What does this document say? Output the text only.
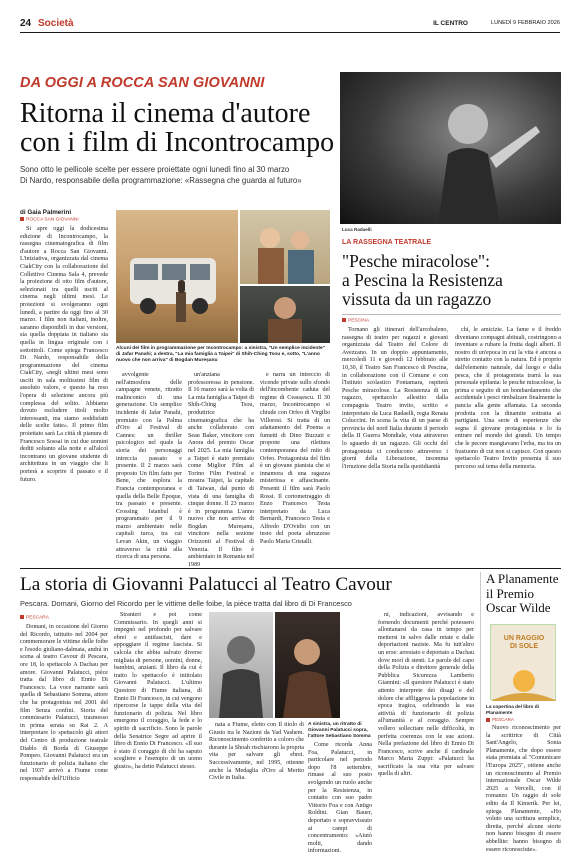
24 Società	IL CENTRO	LUNEDÌ 9 FEBBRAIO 2026
DA OGGI A ROCCA SAN GIOVANNI
Ritorna il cinema d'autore
con i film di Incontrocampo
Sono otto le pellicole scelte per essere proiettate ogni lunedì fino al 30 marzo
Di Nardo, responsabile della programmazione: «Rassegna che guarda al futuro»
di Gaia Palmerini
ROCCA SAN GIOVANNI

Si apre oggi la dodicesima edizione di Incontrocampo, la rassegna cinematografica di film d'autore a Rocca San Giovanni. L'iniziativa, organizzata dal cinema CiakCity con la collaborazione del Collettivo Cinema Sala 4, prevede la proiezione di otto film d'autore, selezionati tra quelli usciti al cinema negli ultimi mesi. Le proiezioni si svolgeranno ogni lunedì, a partire da oggi fino al 30 marzo. I film non italiani, inoltre, saranno disponibili in due versioni, sia quella doppiata in italiano sia quella in lingua originale con i sottotitoli. Come spiega Francesco Di Nardo, responsabile della programmazione del cinema CiakCity, «negli ultimi mesi sono usciti in sala moltissimi film di assoluto valore, e questo ha reso l'opera di selezione ancora più complessa del solito. Abbiamo dovuto escludere titoli molto interessanti, ma siamo soddisfatti delle scelte fatte». Il primo film proiettato sarà La città di pianura di Francesco Sossai in cui due uomini dediti soltanto alla notte e all'alcol incontrano un giovane studente di architettura in un viaggio che li porterà a scoprire il passato e il futuro.

Alcuni dei film in programmazione per Incontrocampo: a sinistra, "Un semplice incidente" di Jafar Panahi; a destra, "La mia famiglia a Taipei" di Shih-Ching Tsou e, sotto, "L'anno nuovo che non arriva" di Bogdan Mureșanu

avvolgente nell'atmosfera delle campagne venete, ritratto malinconico di una generazione. Un semplice incidente di Jafar Panahi, premiato con la Palma d'Oro al Festival di Cannes: un thriller psicologico nel quale la storia dei personaggi intreccia passato e presente. Il 2 marzo sarà proposto Un film fatto per Bene, che esplora la Francia contemporanea e quella della Belle Époque, tra passato e presente. Crossing Istanbul è programmato per il 9 marzo ambientato nelle capitali turca, tra cui Levan Akin, un viaggio attraverso la città alla ricerca di una persona.

un'anziana professoressa in pensione. Il 16 marzo sarà la volta di La mia famiglia a Taipei di Shih-Ching Tsou, produttrice cinematografica che ha anche collaborato con Sean Baker, vincitore con Anora del premio Oscar nel 2025. La mia famiglia a Taipei è stato premiato come Miglior Film al Torino Film Festival e mostra Taipei, la capitale di Taiwan, dal punto di vista di una famiglia di cinque donne. Il 23 marzo è in programma L'anno nuovo che non arriva di Bogdan Mureșanu, vincitore nella sezione Orizzonti al Festival di Venezia. Il film è ambientato in Romania nel 1989

e narra un intreccio di vicende private sullo sfondo dell'incombente caduta del regime di Ceaușescu. Il 30 marzo, Incontrocampo si chiude con Orfeo di Virgilio Villoresi. Si tratta di un adattamento del Poema a fumetti di Dino Buzzati e propone una rilettura contemporanea del mito di Orfeo. Protagonista del film è un giovane pianista che si innamora di una ragazza misteriosa e affascinante. Presenti il film sarà Paolo Rossi. Il cortometraggio di Enzo Francesco Testa interpretato da Luca Bernardi, Francesco Testa e Alfredo D'Ovidio con un testo del poeta abruzzese Paolo Maria Cristalli.

Luca Radaelli
LA RASSEGNA TEATRALE
"Pesche miracolose":
a Pescina la Resistenza
vissuta da un ragazzo
PESCINA

Tornano gli itinerari dell'arcobaleno, rassegna di teatro per ragazzi e giovani organizzata dal Teatro del Colore di Avezzano. In un doppio appuntamento, mercoledì 11 e giovedì 12 febbraio alle 10,30, il Teatro San Francesco di Pescina, in collaborazione con il Comune e con l'Istituto scolastico Fontamara, ospiterà Pesche miracolose. La Resistenza di un ragazzo, spettacolo allestito dalla compagnia Teatro invito, scritto e interpretato da Luca Radaelli, regia Renata Coluccini. In scena la vita di un paese di provincia del nord Italia durante il periodo della II Guerra Mondiale, vista attraverso lo sguardo di un ragazzo. Gli occhi del protagonista ci conducono attraverso i giorni della Liberazione, insomma l'irruzione della Storia nella quotidianità

chi, le amicizie. La fame e il freddo diventano compagni abituali, costringono a inventare a rubare la frutta dagli alberi. Il nostro di un'epoca in cui la vita è ancora a stretto contatto con la natura. Ed è proprio dall'elemento naturale, dal luogo e dalla pesca, che il protagonista trarrà la sua personale epifania: le pesche miracolose, la prima e seguito di un bombardamento che accidentale i pesci rimbalzare finalmente la pancia alla gente affamata. La seconda prodotta con la dinamite sottratta ai partigiani. Una serie di esperienze che segna il giovane protagonista e lo fa entrare nel mondo dei grandi. Un tempo che le pecore mangiavano l'erba, ma tra un frastuono di cui non si capisce. Con questo spettacolo Teatro Invito presenta il suo percorso sul tema della memoria.

La storia di Giovanni Palatucci al Teatro Cavour
Pescara. Domani, Giorno del Ricordo per le vittime delle foibe, la pièce tratta dal libro di Di Francesco
PESCARA

Domani, in occasione del Giorno del Ricordo, istituito nel 2004 per commemorare le vittime delle foibe e l'esodo giuliano-dalmata, andrà in scena al teatro Cavour di Pescara, ore 18, lo spettacolo A Dachau per amore. Giovanni Palatucci, pièce tratta dal libro di Ennio Di Francesco. La voce narrante sarà quella di Sebastiano Somma, attore che ha protagonista nel 2001 del film Senza confini. Storia del commissario Palatucci, trasmesso in prima serata su Rai 2. A interpretare lo spettacolo gli attori del Centro di produzione teatrale Diablo di Borda di Giuseppe Pompeo. Giovanni Palatucci era un funzionario di polizia italiano che nel 1937 arrivò a Fiume come responsabile dell'Ufficio

Stranieri e poi come Commissario. In quegli anni si impegnò nel profondo per salvare ebrei e antifascisti, dare e appoggiare il regime fascista. Si calcola che abbia salvato diverse migliaia di persone, uomini, donne, bambini, anziani. Il libro da cui è tratto lo spettacolo è intitolato Giovanni Palatucci. L'ultimo Questore di Fiume italiana, di Ennio Di Francesco, in cui vengono ripercorse le tappe della vita del funzionario di polizia. Nel libro emergono il coraggio, la fede e lo spirito di sacrificio. Sono le parole della Senatrice Segre ad aprire il libro di Ennio Di Francesco. «Il suo è stato il coraggio di chi ha saputo scegliere e l'esempio di un uomo giusto», ha detto Palatucci stesso.

A sinistra, un ritratto di Giovanni Palatucci sopra, l'attore Sebastiano Somma

nata a Fiume, eletto con Il titolo di Giusto tra le Nazioni da Yad Vashem. Riconoscimento conferito a coloro che durante la Shoah rischiarono la propria vita per salvare gli ebrei. Successivamente, nel 1995, ottenne anche la Medaglia d'Oro al Merito Civile in Italia.

Come ricorda Anna Foa, Palatucci, in particolare nel periodo dopo l'8 settembre, rimase al suo posto svolgendo un ruolo anche per la Resistenza, in contatto con suo padre Vittorio Foa e con Antigo Roldini. Gian Bauer, deportato e sopravvissuto ai campi di concentramento: «Aiutò molti, dando informazioni.

ni, indicazioni, avvisando e fornendo documenti perché potessero allontanarsi da casa in tempo per mettersi in salvo dalle retate e dalle deportazioni naziste. Ma fu tutt'altro un eroe: arrestato e deportato a Dachau dove morì di stenti. Le parole del capo della Polizia e direttore generale della Pubblica Sicurezza Lamberto Giannini: «Il questore Palatucci è stato attento interprete dei disagi e del dolore che affliggeva la popolazione in epoca tragica, celebrando la sua attività di funzionario di polizia all'umanità e al coraggio. Sempre vollero sollecitare nelle difficoltà, in perfetta coerenza con le sue azioni. Nella prefazione del libro di Ennio Di Francesco, scrive anche il cardinale Marco Maria Zuppi: «Palatucci ha sacrificato la sua vita per salvare quella di altri.

A Planamente
il Premio
Oscar Wilde
UN RAGGIO
DI SOLE
La copertina del libro di Planamente
PESCARA

Nuovo riconoscimento per la scrittrice di Città Sant'Angelo, Sonia Planamente, che dopo essere stata premiata al "Comunicare l'Europa 2025", ottiene anche un riconoscimento al Premio internazionale Oscar Wilde 2025 a Vercelli, con il romanzo Un raggio di sole edito da Il Kimerik. Per lei, spiega Planamente, «Ho voluto una scrittura semplice, diretta, perché alcune storie non hanno bisogno di essere abbellite: hanno bisogno di essere riconosciute».
